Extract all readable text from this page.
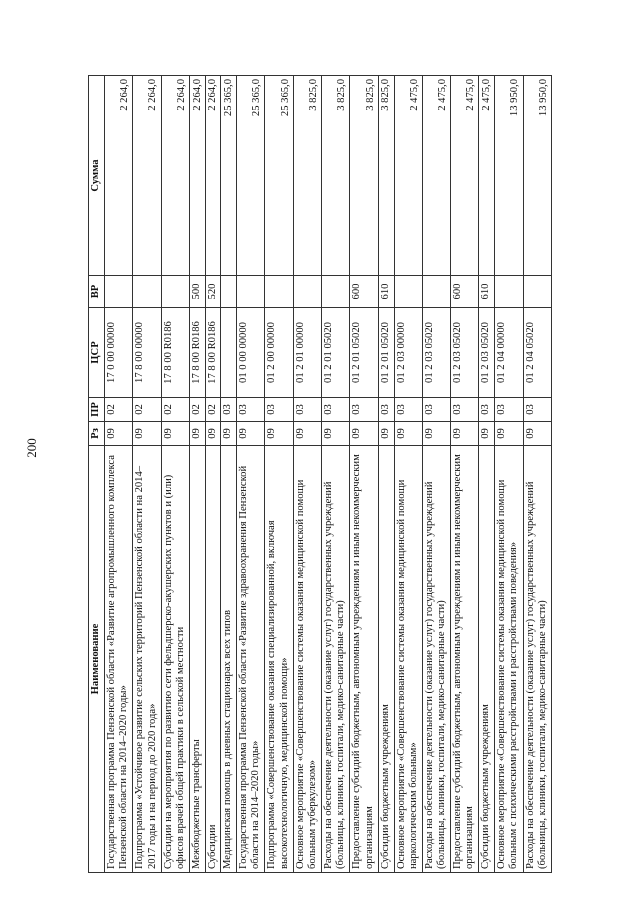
200
Наименование	Рз	ПР	ЦСР	ВР	Сумма
Государственная программа Пензенской области «Развитие агропромышленного комплекса Пензенской области на 2014–2020 годы»	09	02	17 0 00 00000		2 264,0
Подпрограмма «Устойчивое развитие сельских территорий Пензенской области на 2014–2017 годы и на период до 2020 года»	09	02	17 8 00 00000		2 264,0
Субсидии на мероприятия по развитию сети фельдшерско-акушерских пунктов и (или) офисов врачей общей практики в сельской местности	09	02	17 8 00 R0186		2 264,0
Межбюджетные трансферты	09	02	17 8 00 R0186	500	2 264,0
Субсидии	09	02	17 8 00 R0186	520	2 264,0
Медицинская помощь в дневных стационарах всех типов	09	03			25 365,0
Государственная программа Пензенской области «Развитие здравоохранения Пензенской области на 2014–2020 годы»	09	03	01 0 00 00000		25 365,0
Подпрограмма «Совершенствование оказания специализированной, включая высокотехнологичную, медицинской помощи»	09	03	01 2 00 00000		25 365,0
Основное мероприятие «Совершенствование системы оказания медицинской помощи больным туберкулезом»	09	03	01 2 01 00000		3 825,0
Расходы на обеспечение деятельности (оказание услуг) государственных учреждений (больницы, клиники, госпитали, медико-санитарные части)	09	03	01 2 01 05020		3 825,0
Предоставление субсидий бюджетным, автономным учреждениям и иным некоммерческим организациям	09	03	01 2 01 05020	600	3 825,0
Субсидии бюджетным учреждениям	09	03	01 2 01 05020	610	3 825,0
Основное мероприятие «Совершенствование системы оказания медицинской помощи наркологическим больным»	09	03	01 2 03 00000		2 475,0
Расходы на обеспечение деятельности (оказание услуг) государственных учреждений (больницы, клиники, госпитали, медико-санитарные части)	09	03	01 2 03 05020		2 475,0
Предоставление субсидий бюджетным, автономным учреждениям и иным некоммерческим организациям	09	03	01 2 03 05020	600	2 475,0
Субсидии бюджетным учреждениям	09	03	01 2 03 05020	610	2 475,0
Основное мероприятие «Совершенствование системы оказания медицинской помощи больным с психическими расстройствами и расстройствами поведения»	09	03	01 2 04 00000		13 950,0
Расходы на обеспечение деятельности (оказание услуг) государственных учреждений (больницы, клиники, госпитали, медико-санитарные части)	09	03	01 2 04 05020		13 950,0
